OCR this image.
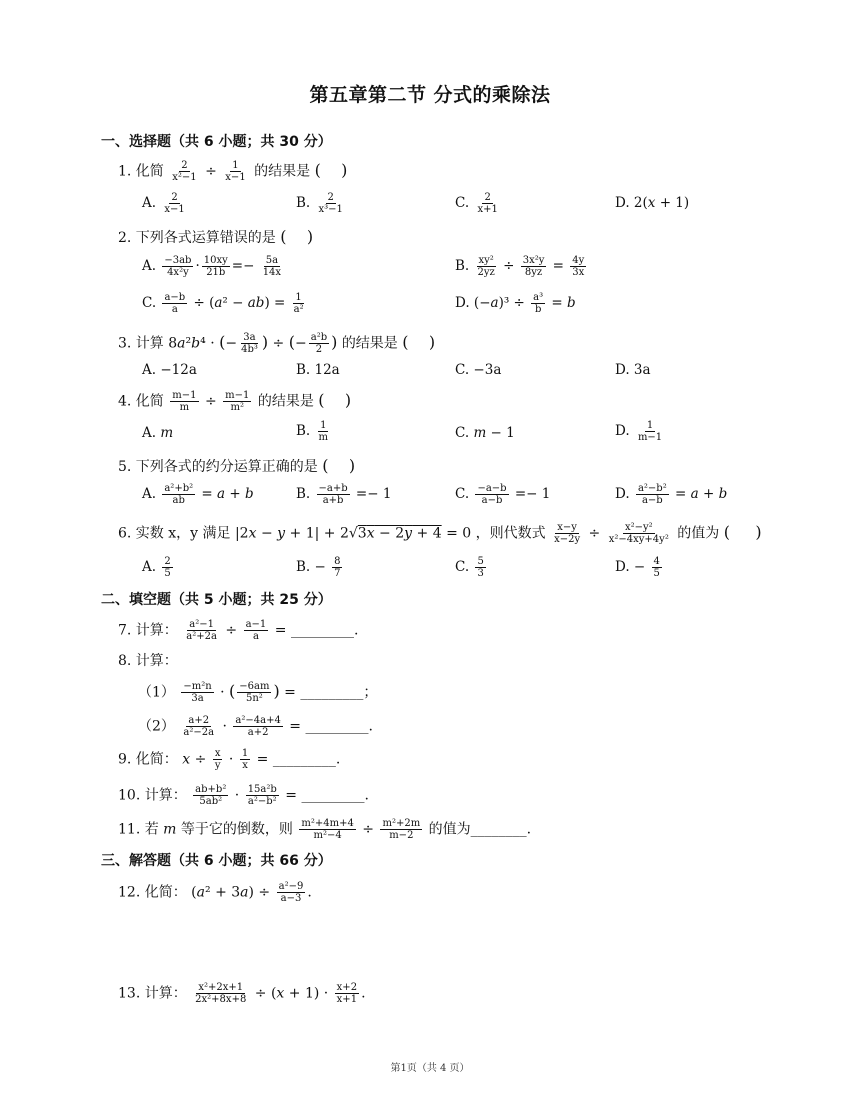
第五章第二节 分式的乘除法
一、选择题（共 6 小题；共 30 分）
1. 化简 $\frac{2}{\text{x²−1}} \div \frac{1}{x-1}$ 的结果是 (    )
A. $\frac{2}{x-1}$	B. $\frac{2}{\text{x³−1}}$	C. $\frac{2}{x+1}$	D. 2(x + 1)
2. 下列各式运算错误的是 (    )
A. $\frac{-3ab}{\text{4x²y}} \cdot \frac{10xy}{21b} =- \frac{5a}{14x}$	B. $\frac{\text{xy²}}{2yz} \div \frac{\text{3x²y}}{8yz} = \frac{4y}{3x}$
C. $\frac{a-b}{a} \div (a^2 - ab) = \frac{1}{\text{a²}}$	D. $(-a)^3 \div \frac{\text{a³}}{b} = b$
3. 计算 8a²b⁴ · (− $\frac{3a}{\text{4b³}}$ ) ÷ (− $\frac{\text{a²b}}{2}$ ) 的结果是 (    )
A. −12a	B. 12a	C. −3a	D. 3a
4. 化简 $\frac{m-1}{m} \div \frac{m-1}{\text{m²}}$ 的结果是 (    )
A. m	B. $\frac{1}{m}$	C. m − 1	D. $\frac{1}{m-1}$
5. 下列各式的约分运算正确的是 (    )
A. $\frac{\text{a²+b²}}{ab} = a + b$	B. $\frac{-a+b}{a+b} =- 1$	C. $\frac{-a-b}{a-b} =- 1$	D. $\frac{\text{a²−b²}}{a-b} = a + b$
6. 实数 x，y 满足 |2x − y + 1| + 2√3x − 2y + 4 = 0 ，则代数式 $\frac{x-y}{x-2y} \div \frac{\text{x²−y²}}{\text{x²−4xy+4y²}}$ 的值为 (     )
A. $\frac{2}{5}$	B. − $\frac{8}{7}$	C. $\frac{5}{3}$	D. − $\frac{4}{5}$
二、填空题（共 5 小题；共 25 分）
7. 计算： $\frac{\text{a²−1}}{\text{a²+2a}} \div \frac{a-1}{a}$ = _________.
8. 计算：
$(1) \frac{\text{−m²n}}{3a}$ · ( $\frac{-6am}{\text{5n²}}$ ) = _________；
$(2) \frac{a+2}{\text{a²−2a}} \cdot \frac{\text{a²−4a+4}}{a+2}$ = _________.
9. 化简： $x \div \frac{x}{y} \cdot \frac{1}{x}$ = _________.
10. 计算： $\frac{\text{ab+b²}}{\text{5ab²}} \cdot \frac{\text{15a²b}}{\text{a²−b²}}$ = _________.
11. 若 m 等于它的倒数，则 $\frac{\text{m²+4m+4}}{\text{m²−4}} \div \frac{\text{m²+2m}}{m-2}$ 的值为________.
三、解答题（共 6 小题；共 66 分）
12. 化简： $(a^2 + 3a) \div \frac{\text{a²−9}}{a-3}$ .
13. 计算： $\frac{\text{x²+2x+1}}{\text{2x²+8x+8}} \div (x + 1) \cdot \frac{x+2}{x+1}$ .
第1页（共 4 页）
